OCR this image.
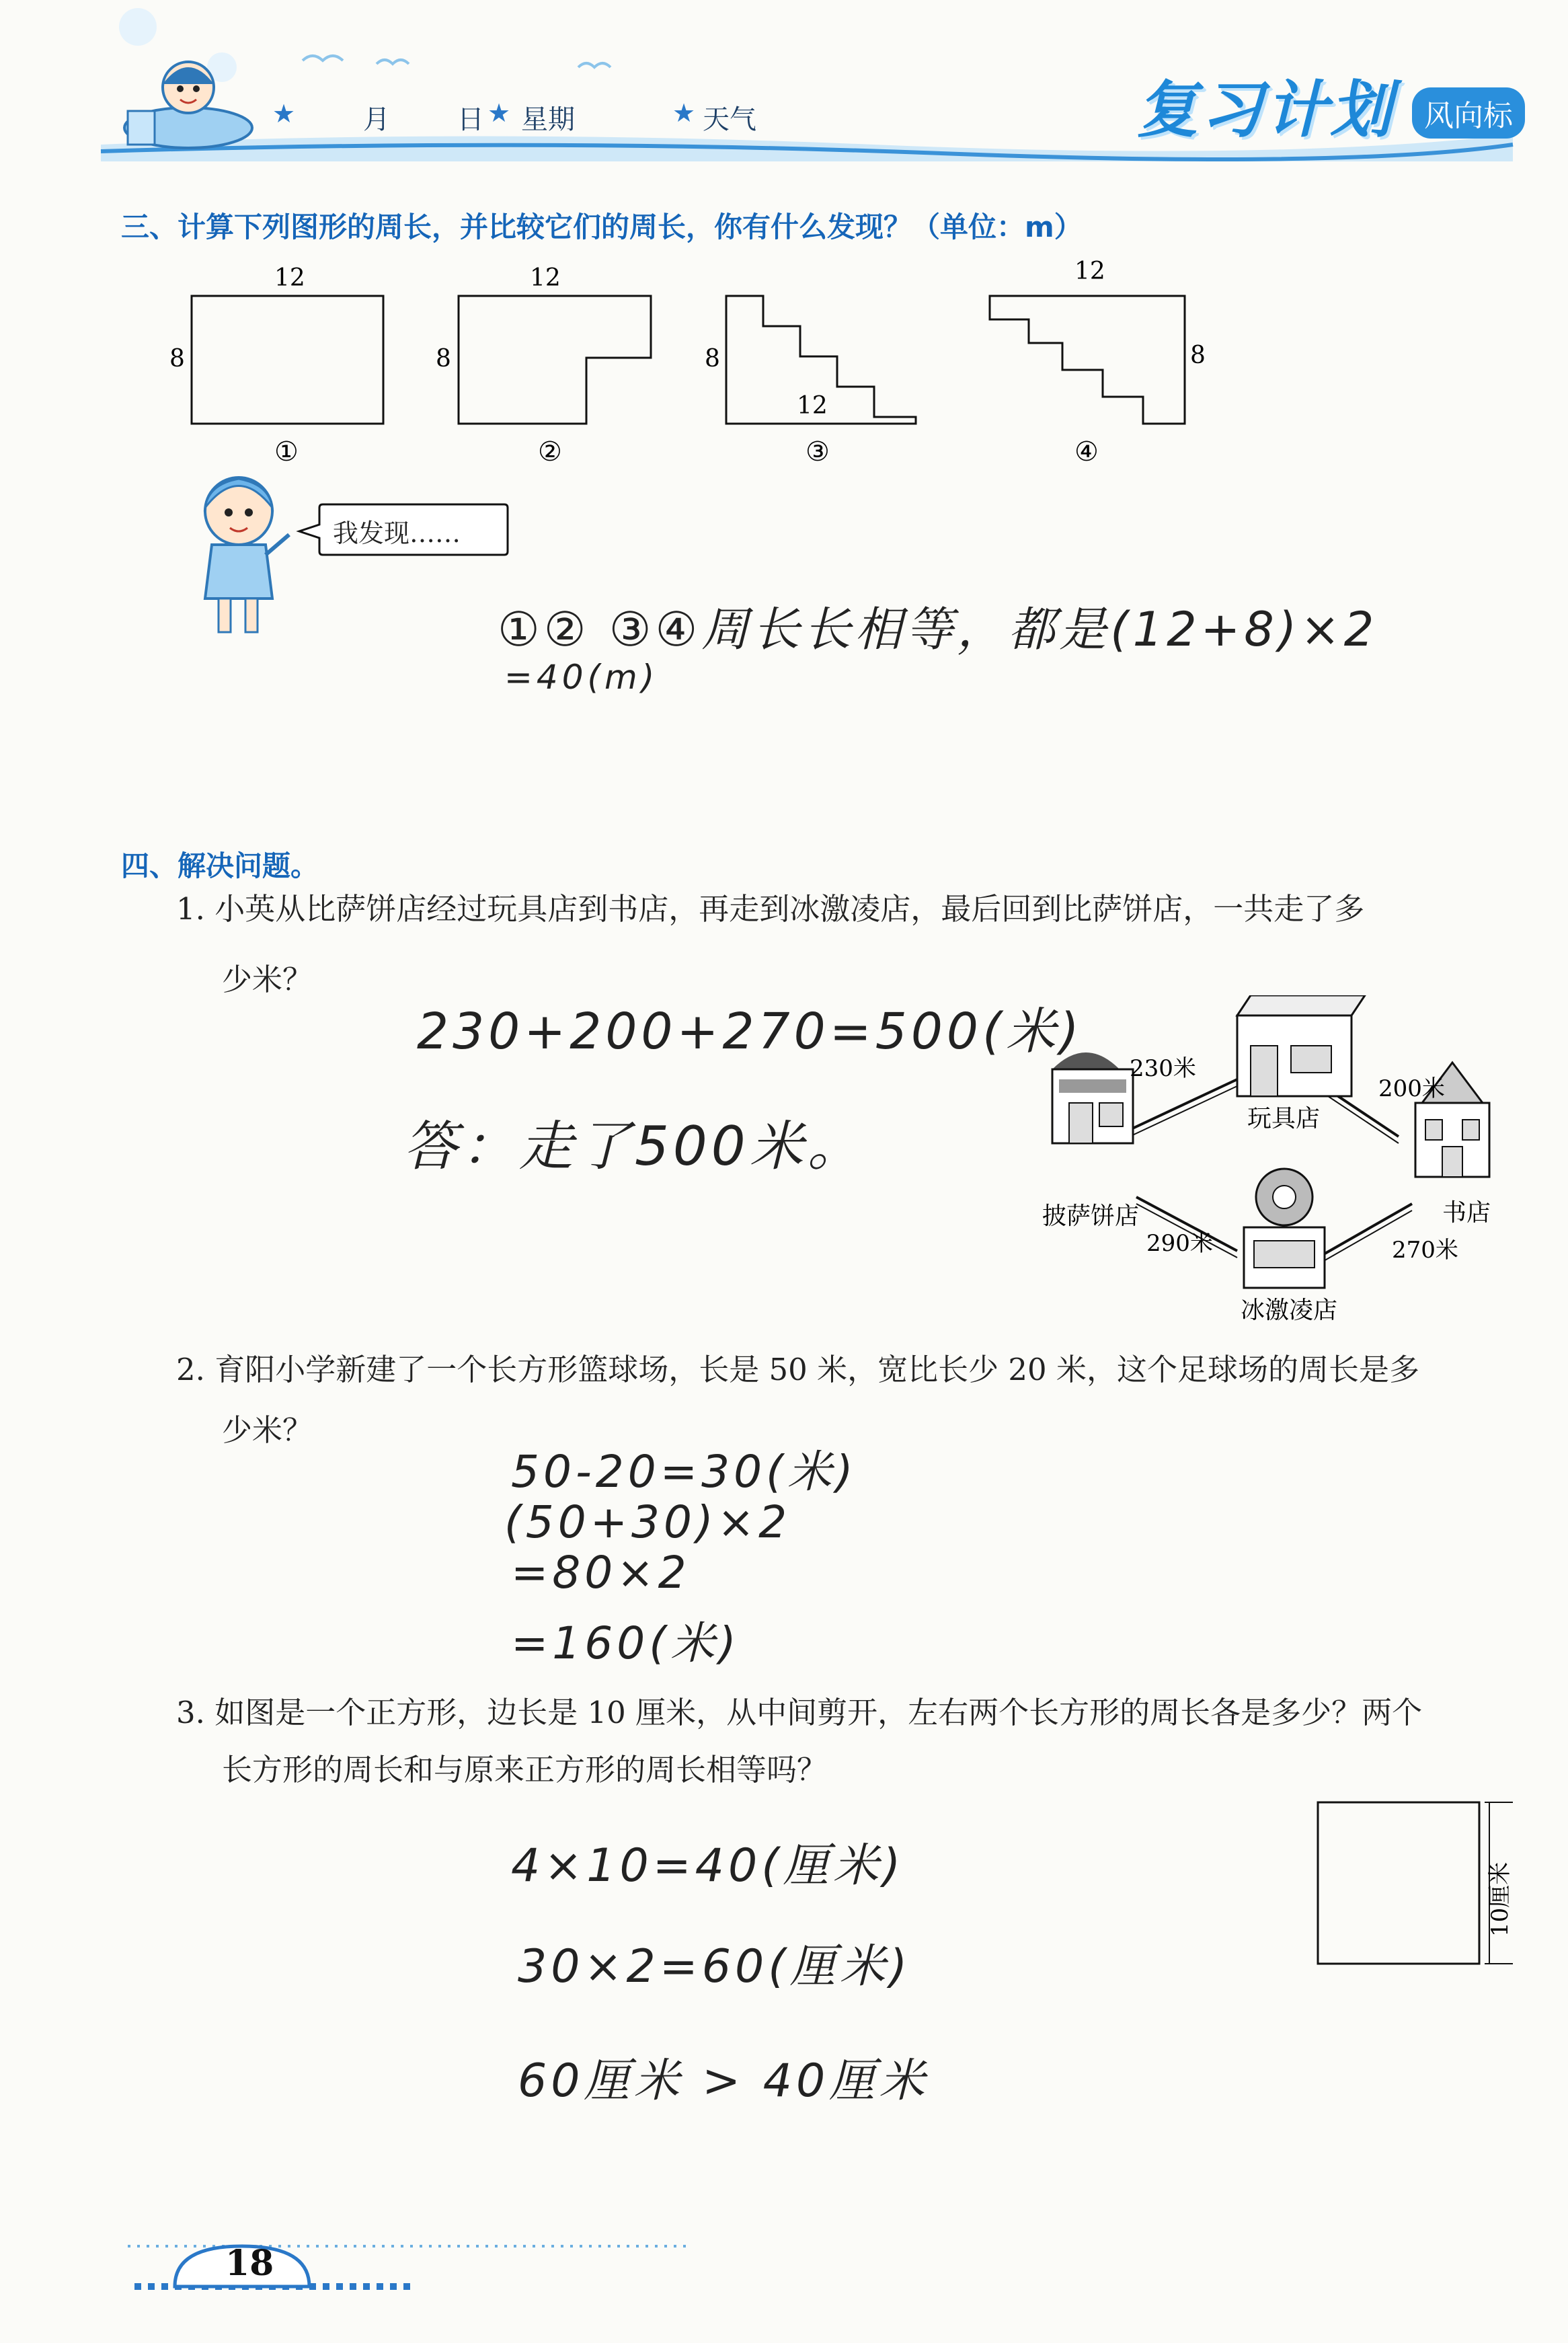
★	月	日 ★ 星期	★ 天气	复习计划 风向标
三、计算下列图形的周长，并比较它们的周长，你有什么发现？（单位：m）
12
8
①
12
8
②
12
8
③
12
8
④
我发现……
①② ③④周长长相等，都是(12+8)×2
=40(m)
四、解决问题。
1. 小英从比萨饼店经过玩具店到书店，再走到冰激凌店，最后回到比萨饼店，一共走了多
少米？
230+200+270=500(米)
答：走了500米。
230米
200米
290米	270米
玩具店
披萨饼店	书店
冰激凌店
2. 育阳小学新建了一个长方形篮球场，长是 50 米，宽比长少 20 米，这个足球场的周长是多
少米？
50-20=30(米)
(50+30)×2
=80×2
=160(米)
3. 如图是一个正方形，边长是 10 厘米，从中间剪开，左右两个长方形的周长各是多少？两个
长方形的周长和与原来正方形的周长相等吗？
4×10=40(厘米)
30×2=60(厘米)
60厘米 > 40厘米
10厘米
18
